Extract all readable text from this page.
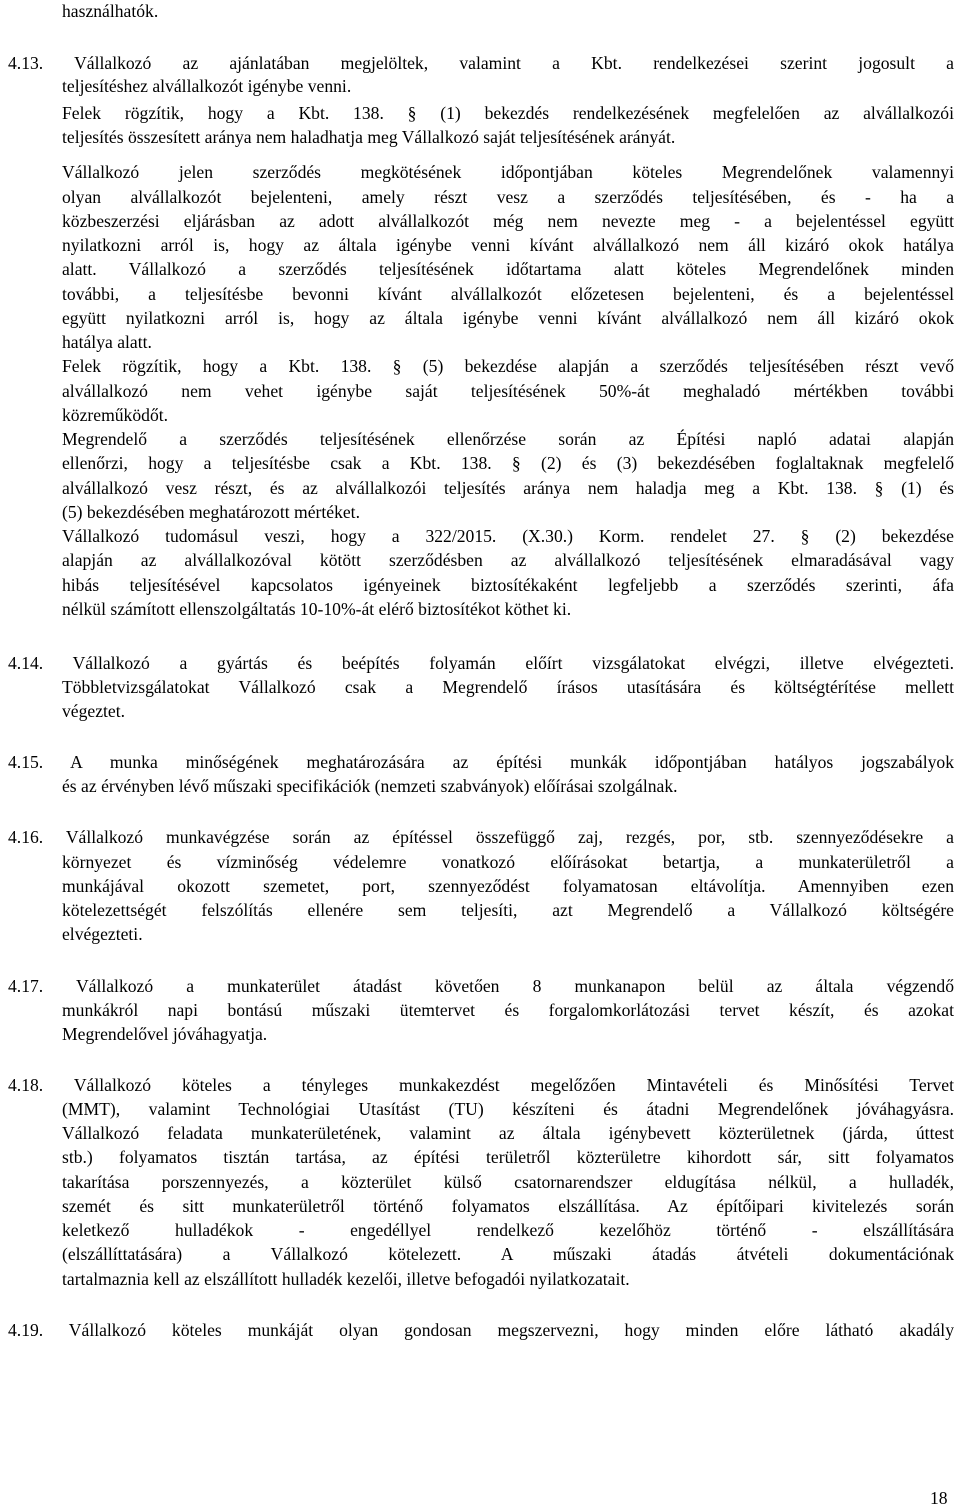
használhatók.
4.13. Vállalkozó az ajánlatában megjelöltek, valamint a Kbt. rendelkezései szerint jogosult a
teljesítéshez alvállalkozót igénybe venni.
Felek rögzítik, hogy a Kbt. 138. § (1) bekezdés rendelkezésének megfelelően az alvállalkozói
teljesítés összesített aránya nem haladhatja meg Vállalkozó saját teljesítésének arányát.
Vállalkozó jelen szerződés megkötésének időpontjában köteles Megrendelőnek valamennyi
olyan alvállalkozót bejelenteni, amely részt vesz a szerződés teljesítésében, és - ha a
közbeszerzési eljárásban az adott alvállalkozót még nem nevezte meg - a bejelentéssel együtt
nyilatkozni arról is, hogy az általa igénybe venni kívánt alvállalkozó nem áll kizáró okok hatálya
alatt. Vállalkozó a szerződés teljesítésének időtartama alatt köteles Megrendelőnek minden
további, a teljesítésbe bevonni kívánt alvállalkozót előzetesen bejelenteni, és a bejelentéssel
együtt nyilatkozni arról is, hogy az általa igénybe venni kívánt alvállalkozó nem áll kizáró okok
hatálya alatt.
Felek rögzítik, hogy a Kbt. 138. § (5) bekezdése alapján a szerződés teljesítésében részt vevő
alvállalkozó nem vehet igénybe saját teljesítésének 50%-át meghaladó mértékben további
közreműködőt.
Megrendelő a szerződés teljesítésének ellenőrzése során az Építési napló adatai alapján
ellenőrzi, hogy a teljesítésbe csak a Kbt. 138. § (2) és (3) bekezdésében foglaltaknak megfelelő
alvállalkozó vesz részt, és az alvállalkozói teljesítés aránya nem haladja meg a Kbt. 138. § (1) és
(5) bekezdésében meghatározott mértéket.
Vállalkozó tudomásul veszi, hogy a 322/2015. (X.30.) Korm. rendelet 27. § (2) bekezdése
alapján az alvállalkozóval kötött szerződésben az alvállalkozó teljesítésének elmaradásával vagy
hibás teljesítésével kapcsolatos igényeinek biztosítékaként legfeljebb a szerződés szerinti, áfa
nélkül számított ellenszolgáltatás 10-10%-át elérő biztosítékot köthet ki.
4.14. Vállalkozó a gyártás és beépítés folyamán előírt vizsgálatokat elvégzi, illetve elvégezteti.
Többletvizsgálatokat Vállalkozó csak a Megrendelő írásos utasítására és költségtérítése mellett
végeztet.
4.15. A munka minőségének meghatározására az építési munkák időpontjában hatályos jogszabályok
és az érvényben lévő műszaki specifikációk (nemzeti szabványok) előírásai szolgálnak.
4.16. Vállalkozó munkavégzése során az építéssel összefüggő zaj, rezgés, por, stb. szennyeződésekre a
környezet és vízminőség védelemre vonatkozó előírásokat betartja, a munkaterületről a
munkájával okozott szemetet, port, szennyeződést folyamatosan eltávolítja. Amennyiben ezen
kötelezettségét felszólítás ellenére sem teljesíti, azt Megrendelő a Vállalkozó költségére
elvégezteti.
4.17. Vállalkozó a munkaterület átadást követően 8 munkanapon belül az általa végzendő
munkákról napi bontású műszaki ütemtervet és forgalomkorlátozási tervet készít, és azokat
Megrendelővel jóváhagyatja.
4.18. Vállalkozó köteles a tényleges munkakezdést megelőzően Mintavételi és Minősítési Tervet
(MMT), valamint Technológiai Utasítást (TU) készíteni és átadni Megrendelőnek jóváhagyásra.
Vállalkozó feladata munkaterületének, valamint az általa igénybevett közterületnek (járda, úttest
stb.) folyamatos tisztán tartása, az építési területről közterületre kihordott sár, sitt folyamatos
takarítása porszennyezés, a közterület külső csatornarendszer eldugítása nélkül, a hulladék,
szemét és sitt munkaterületről történő folyamatos elszállítása. Az építőipari kivitelezés során
keletkező hulladékok - engedéllyel rendelkező kezelőhöz történő - elszállítására
(elszállíttatására) a Vállalkozó kötelezett. A műszaki átadás átvételi dokumentációnak
tartalmaznia kell az elszállított hulladék kezelői, illetve befogadói nyilatkozatait.
4.19. Vállalkozó köteles munkáját olyan gondosan megszervezni, hogy minden előre látható akadály
18
